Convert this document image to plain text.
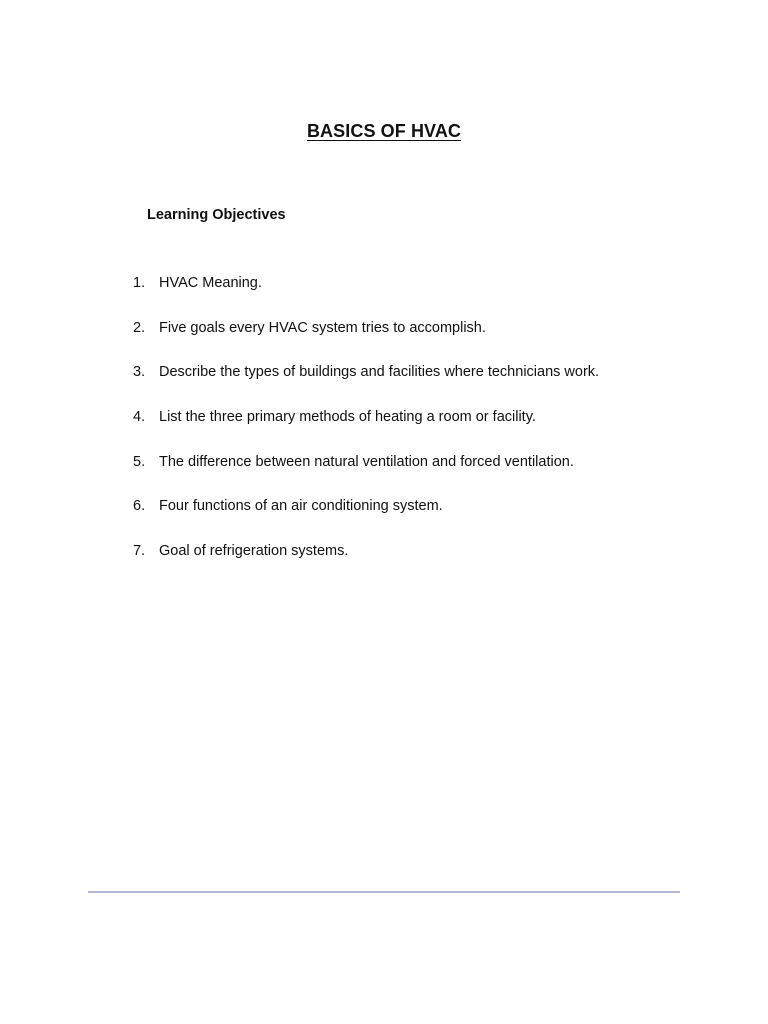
BASICS OF HVAC
Learning Objectives
1. HVAC Meaning.
2. Five goals every HVAC system tries to accomplish.
3. Describe the types of buildings and facilities where technicians work.
4. List the three primary methods of heating a room or facility.
5. The difference between natural ventilation and forced ventilation.
6. Four functions of an air conditioning system.
7. Goal of refrigeration systems.
